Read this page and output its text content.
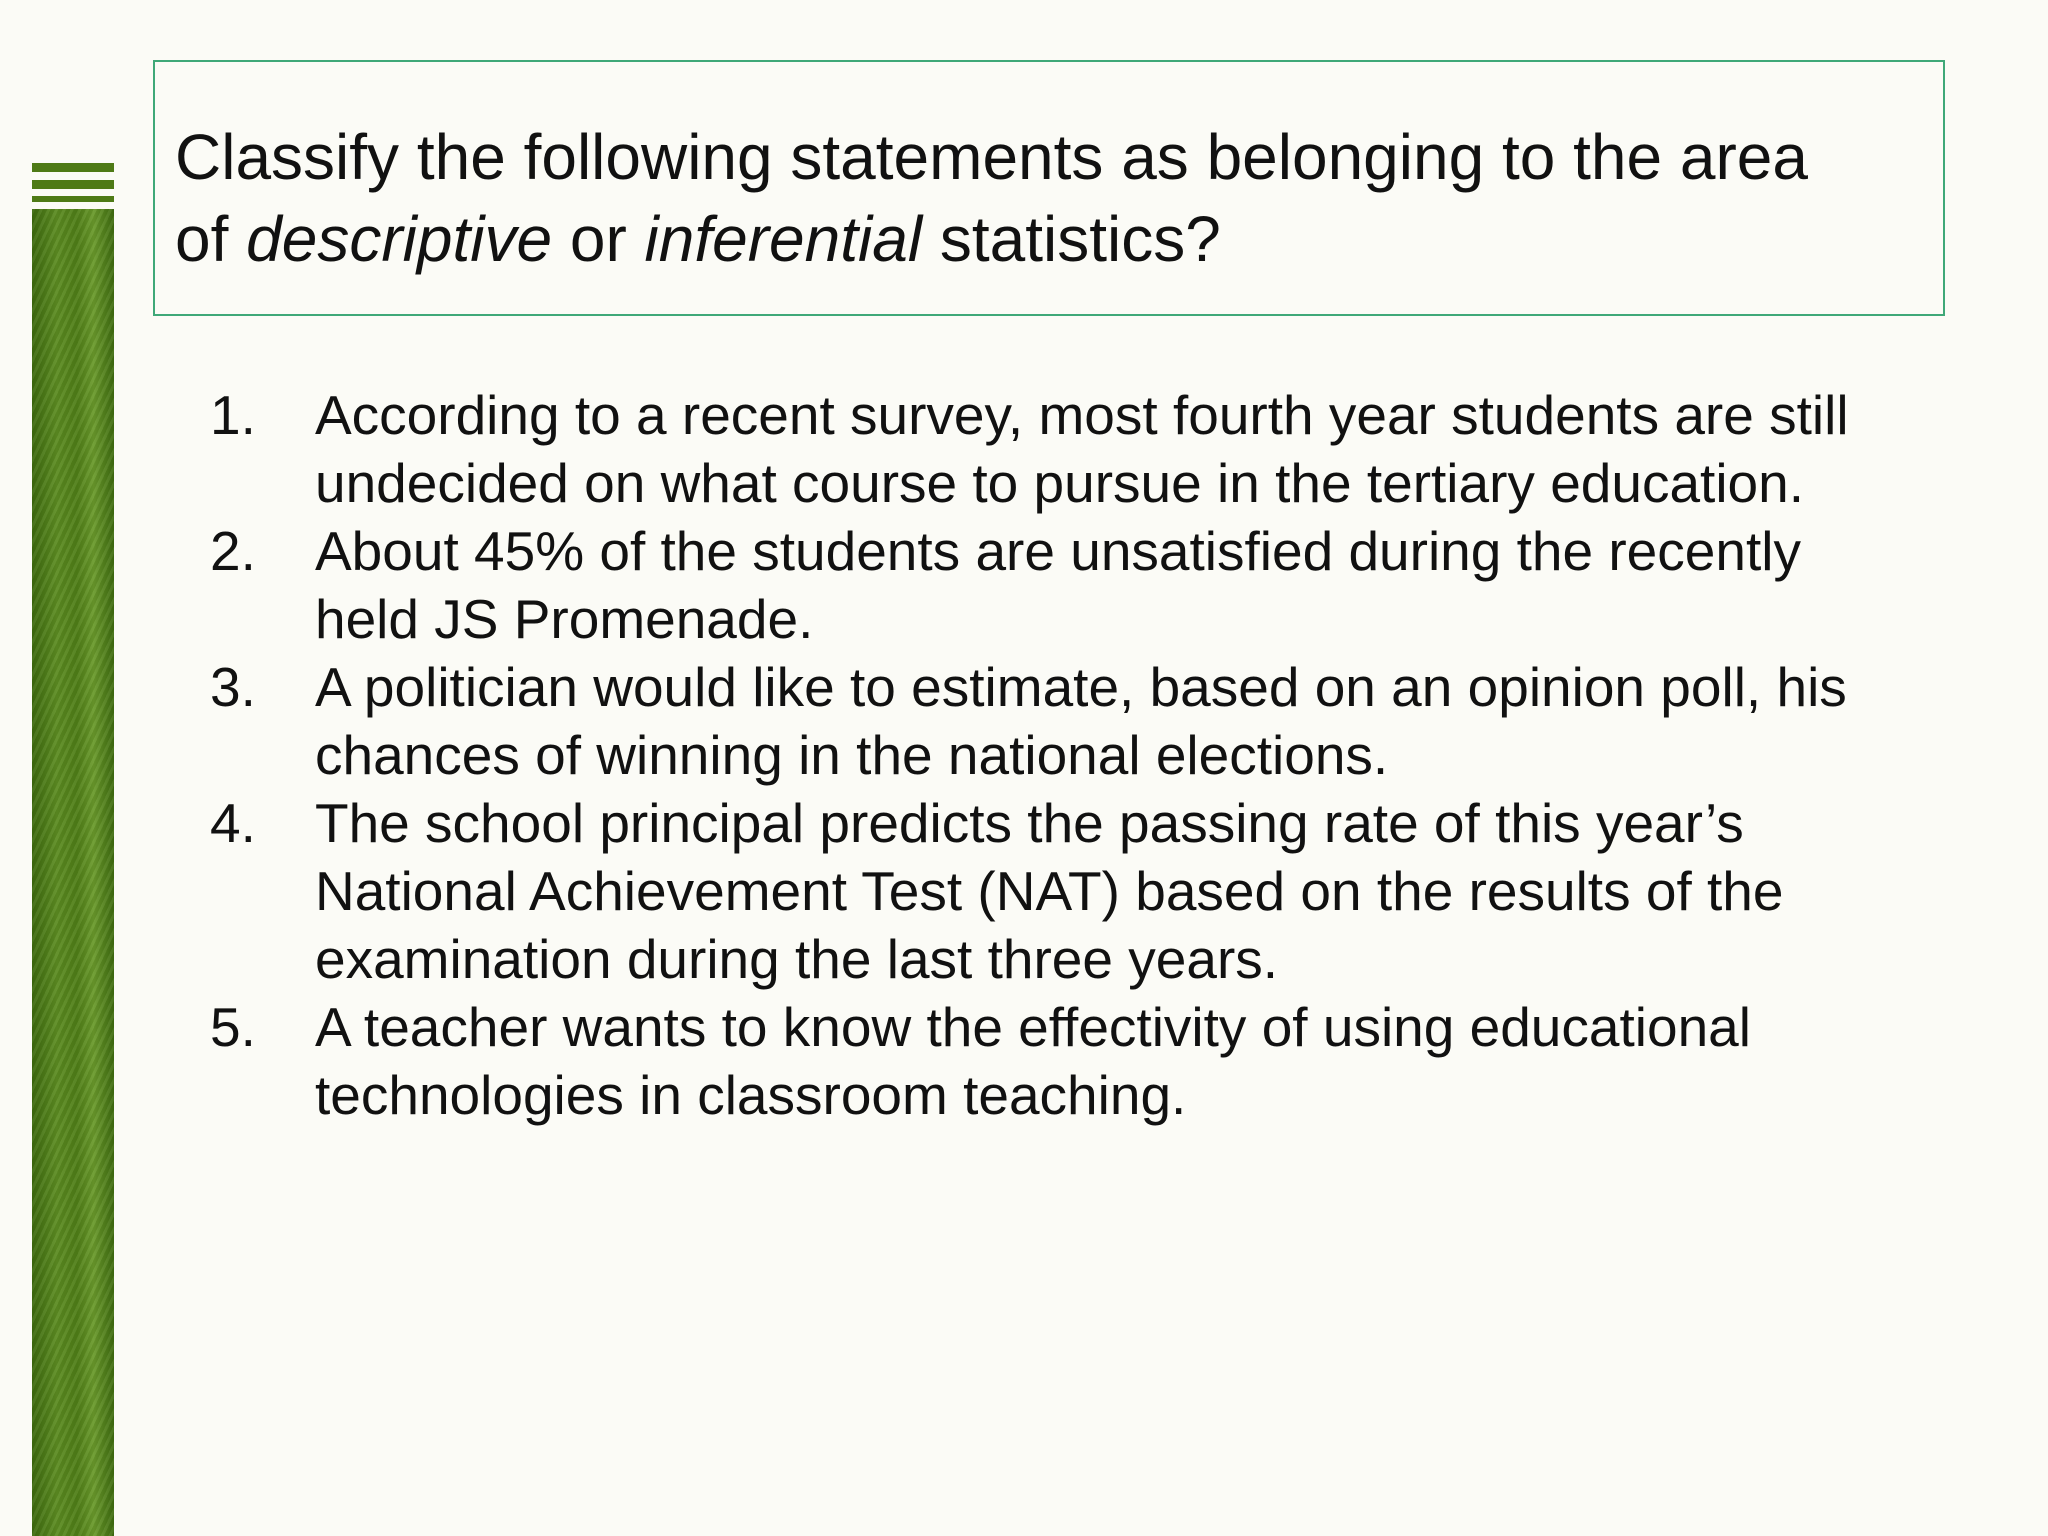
Classify the following statements as belonging to the area
of descriptive or inferential statistics?
1. According to a recent survey, most fourth year students are still undecided on what course to pursue in the tertiary education.
2. About 45% of the students are unsatisfied during the recently held JS Promenade.
3. A politician would like to estimate, based on an opinion poll, his chances of winning in the national elections.
4. The school principal predicts the passing rate of this year’s National Achievement Test (NAT) based on the results of the examination during the last three years.
5. A teacher wants to know the effectivity of using educational technologies in classroom teaching.
